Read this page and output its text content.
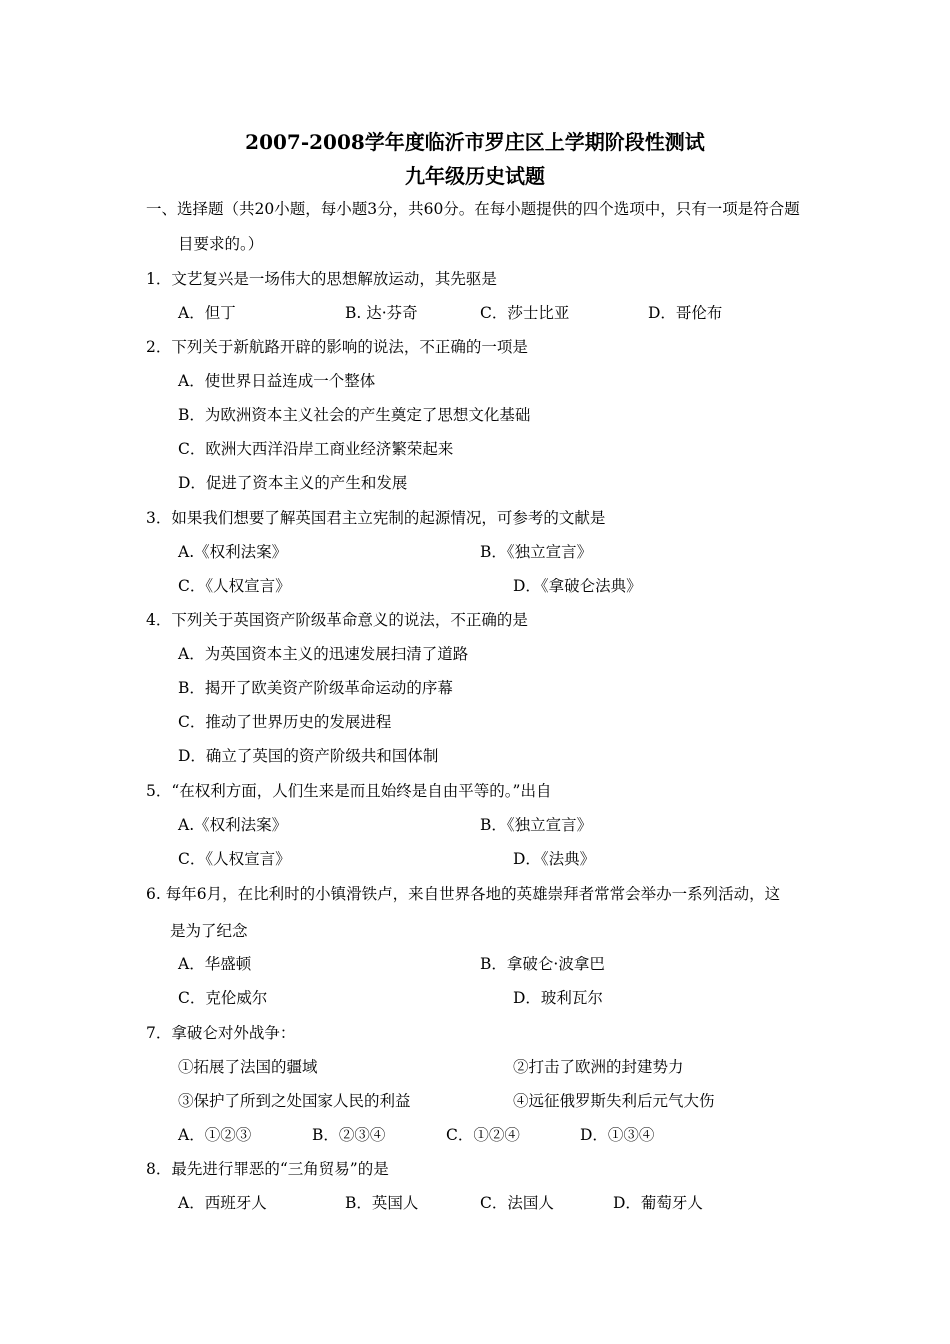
2007-2008学年度临沂市罗庄区上学期阶段性测试
九年级历史试题
一、选择题（共20小题，每小题3分，共60分。在每小题提供的四个选项中，只有一项是符合题
目要求的。）
1．文艺复兴是一场伟大的思想解放运动，其先驱是
A．但丁	B. 达·芬奇	C．莎士比亚	D．哥伦布
2．下列关于新航路开辟的影响的说法，不正确的一项是
A．使世界日益连成一个整体
B．为欧洲资本主义社会的产生奠定了思想文化基础
C．欧洲大西洋沿岸工商业经济繁荣起来
D．促进了资本主义的产生和发展
3．如果我们想要了解英国君主立宪制的起源情况，可参考的文献是
A.《权利法案》	B．《独立宣言》
C．《人权宣言》	D．《拿破仑法典》
4．下列关于英国资产阶级革命意义的说法，不正确的是
A．为英国资本主义的迅速发展扫清了道路
B．揭开了欧美资产阶级革命运动的序幕
C．推动了世界历史的发展进程
D．确立了英国的资产阶级共和国体制
5．“在权利方面，人们生来是而且始终是自由平等的。”出自
A.《权利法案》	B．《独立宣言》
C．《人权宣言》	D．《法典》
6. 每年6月，在比利时的小镇滑铁卢，来自世界各地的英雄崇拜者常常会举办一系列活动，这
是为了纪念
A．华盛顿	B．拿破仑·波拿巴
C．克伦威尔	D．玻利瓦尔
7．拿破仑对外战争：
①拓展了法国的疆域	②打击了欧洲的封建势力
③保护了所到之处国家人民的利益	④远征俄罗斯失利后元气大伤
A．①②③	B．②③④	C．①②④	D．①③④
8．最先进行罪恶的“三角贸易”的是
A．西班牙人	B．英国人	C．法国人	D．葡萄牙人
